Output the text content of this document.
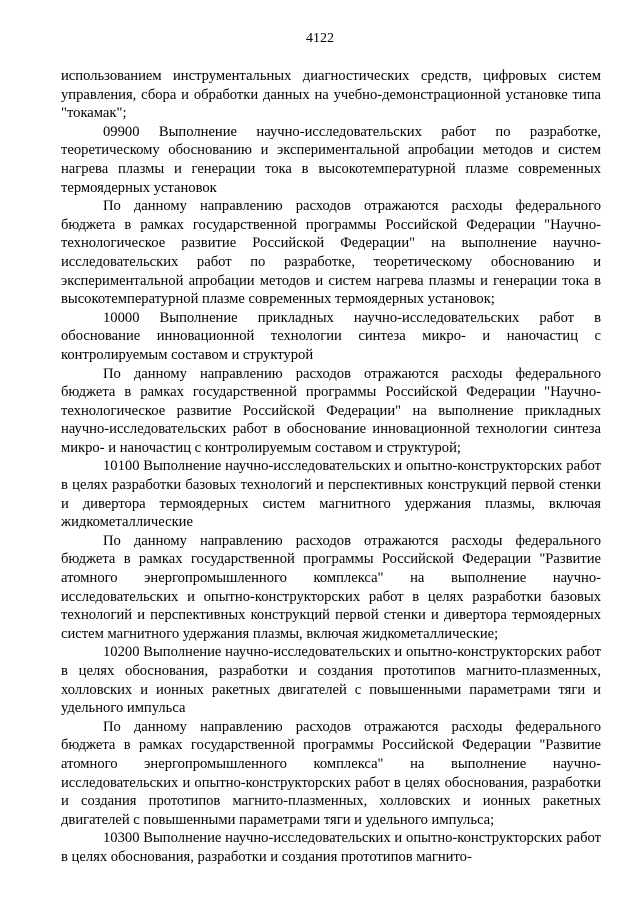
4122

использованием инструментальных диагностических средств, цифровых систем управления, сбора и обработки данных на учебно-демонстрационной установке типа "токамак";

09900 Выполнение научно-исследовательских работ по разработке, теоретическому обоснованию и экспериментальной апробации методов и систем нагрева плазмы и генерации тока в высокотемпературной плазме современных термоядерных установок

По данному направлению расходов отражаются расходы федерального бюджета в рамках государственной программы Российской Федерации "Научно-технологическое развитие Российской Федерации" на выполнение научно-исследовательских работ по разработке, теоретическому обоснованию и экспериментальной апробации методов и систем нагрева плазмы и генерации тока в высокотемпературной плазме современных термоядерных установок;

10000 Выполнение прикладных научно-исследовательских работ в обоснование инновационной технологии синтеза микро- и наночастиц с контролируемым составом и структурой

По данному направлению расходов отражаются расходы федерального бюджета в рамках государственной программы Российской Федерации "Научно-технологическое развитие Российской Федерации" на выполнение прикладных научно-исследовательских работ в обоснование инновационной технологии синтеза микро- и наночастиц с контролируемым составом и структурой;

10100 Выполнение научно-исследовательских и опытно-конструкторских работ в целях разработки базовых технологий и перспективных конструкций первой стенки и дивертора термоядерных систем магнитного удержания плазмы, включая жидкометаллические

По данному направлению расходов отражаются расходы федерального бюджета в рамках государственной программы Российской Федерации "Развитие атомного энергопромышленного комплекса" на выполнение научно-исследовательских и опытно-конструкторских работ в целях разработки базовых технологий и перспективных конструкций первой стенки и дивертора термоядерных систем магнитного удержания плазмы, включая жидкометаллические;

10200 Выполнение научно-исследовательских и опытно-конструкторских работ в целях обоснования, разработки и создания прототипов магнито-плазменных, холловских и ионных ракетных двигателей с повышенными параметрами тяги и удельного импульса

По данному направлению расходов отражаются расходы федерального бюджета в рамках государственной программы Российской Федерации "Развитие атомного энергопромышленного комплекса" на выполнение научно-исследовательских и опытно-конструкторских работ в целях обоснования, разработки и создания прототипов магнито-плазменных, холловских и ионных ракетных двигателей с повышенными параметрами тяги и удельного импульса;

10300 Выполнение научно-исследовательских и опытно-конструкторских работ в целях обоснования, разработки и создания прототипов магнито-
